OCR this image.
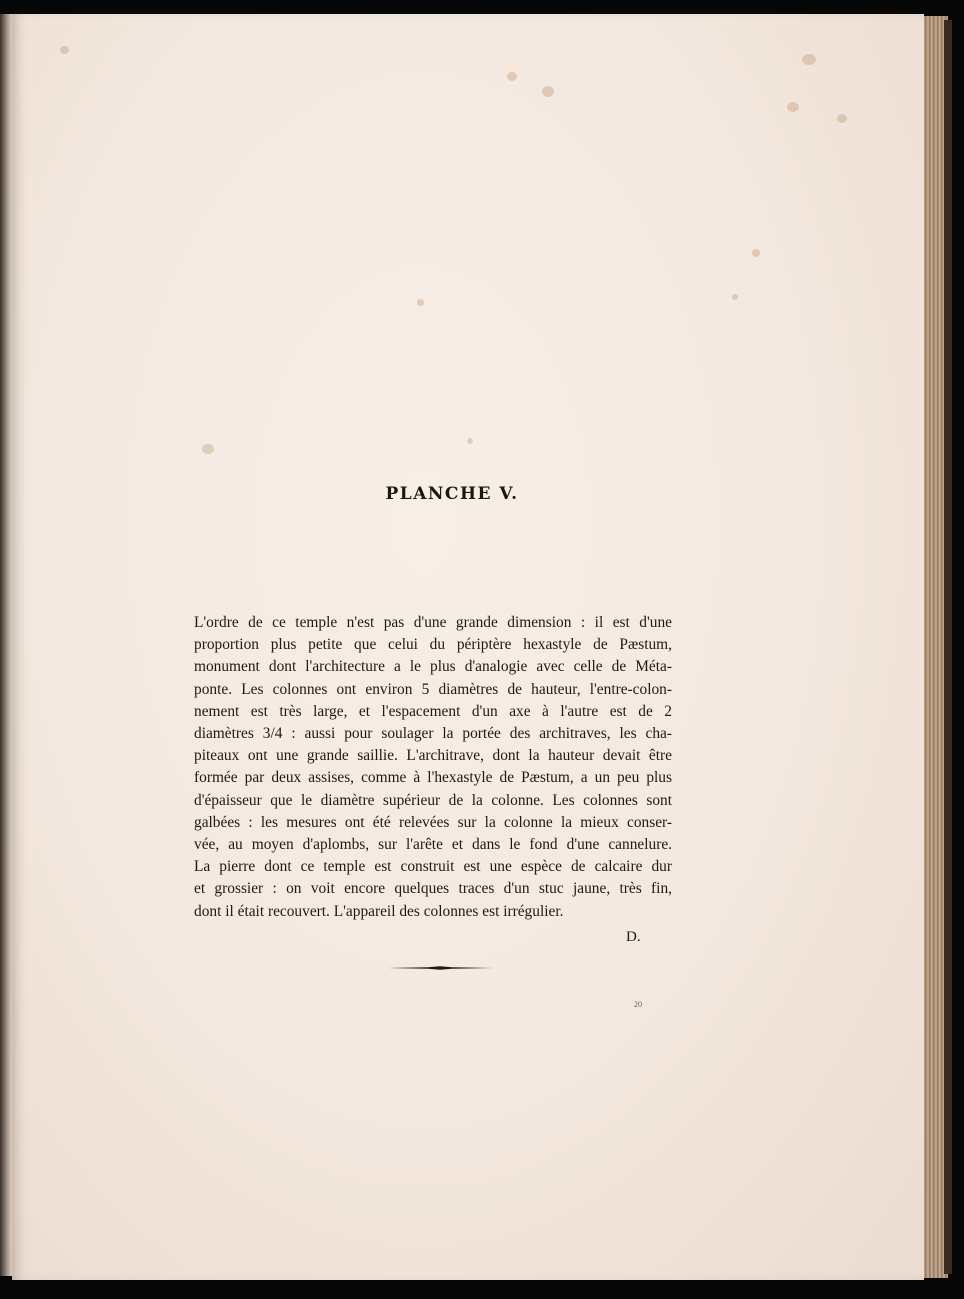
PLANCHE V.
L'ordre de ce temple n'est pas d'une grande dimension : il est d'une
proportion plus petite que celui du périptère hexastyle de Pæstum,
monument dont l'architecture a le plus d'analogie avec celle de Méta-
ponte. Les colonnes ont environ 5 diamètres de hauteur, l'entre-colon-
nement est très large, et l'espacement d'un axe à l'autre est de 2
diamètres 3/4 : aussi pour soulager la portée des architraves, les cha-
piteaux ont une grande saillie. L'architrave, dont la hauteur devait être
formée par deux assises, comme à l'hexastyle de Pæstum, a un peu plus
d'épaisseur que le diamètre supérieur de la colonne. Les colonnes sont
galbées : les mesures ont été relevées sur la colonne la mieux conser-
vée, au moyen d'aplombs, sur l'arête et dans le fond d'une cannelure.
La pierre dont ce temple est construit est une espèce de calcaire dur
et grossier : on voit encore quelques traces d'un stuc jaune, très fin,
dont il était recouvert. L'appareil des colonnes est irrégulier.
D.
20
